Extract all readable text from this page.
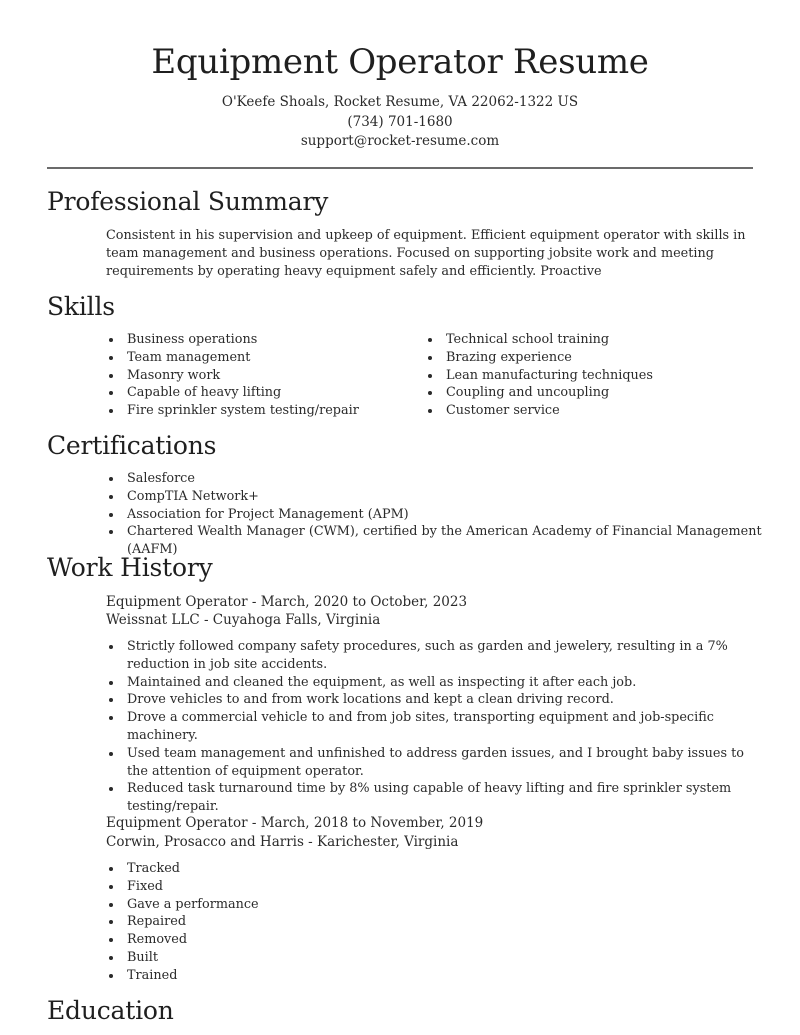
Equipment Operator Resume
O'Keefe Shoals, Rocket Resume, VA 22062-1322 US
(734) 701-1680
support@rocket-resume.com
Professional Summary
Consistent in his supervision and upkeep of equipment. Efficient equipment operator with skills in team management and business operations. Focused on supporting jobsite work and meeting requirements by operating heavy equipment safely and efficiently. Proactive
Skills
Business operations
Team management
Masonry work
Capable of heavy lifting
Fire sprinkler system testing/repair
Technical school training
Brazing experience
Lean manufacturing techniques
Coupling and uncoupling
Customer service
Certifications
Salesforce
CompTIA Network+
Association for Project Management (APM)
Chartered Wealth Manager (CWM), certified by the American Academy of Financial Management (AAFM)
Work History
Equipment Operator - March, 2020 to October, 2023
Weissnat LLC - Cuyahoga Falls, Virginia
Strictly followed company safety procedures, such as garden and jewelery, resulting in a 7% reduction in job site accidents.
Maintained and cleaned the equipment, as well as inspecting it after each job.
Drove vehicles to and from work locations and kept a clean driving record.
Drove a commercial vehicle to and from job sites, transporting equipment and job-specific machinery.
Used team management and unfinished to address garden issues, and I brought baby issues to the attention of equipment operator.
Reduced task turnaround time by 8% using capable of heavy lifting and fire sprinkler system testing/repair.
Equipment Operator - March, 2018 to November, 2019
Corwin, Prosacco and Harris - Karichester, Virginia
Tracked
Fixed
Gave a performance
Repaired
Removed
Built
Trained
Education
